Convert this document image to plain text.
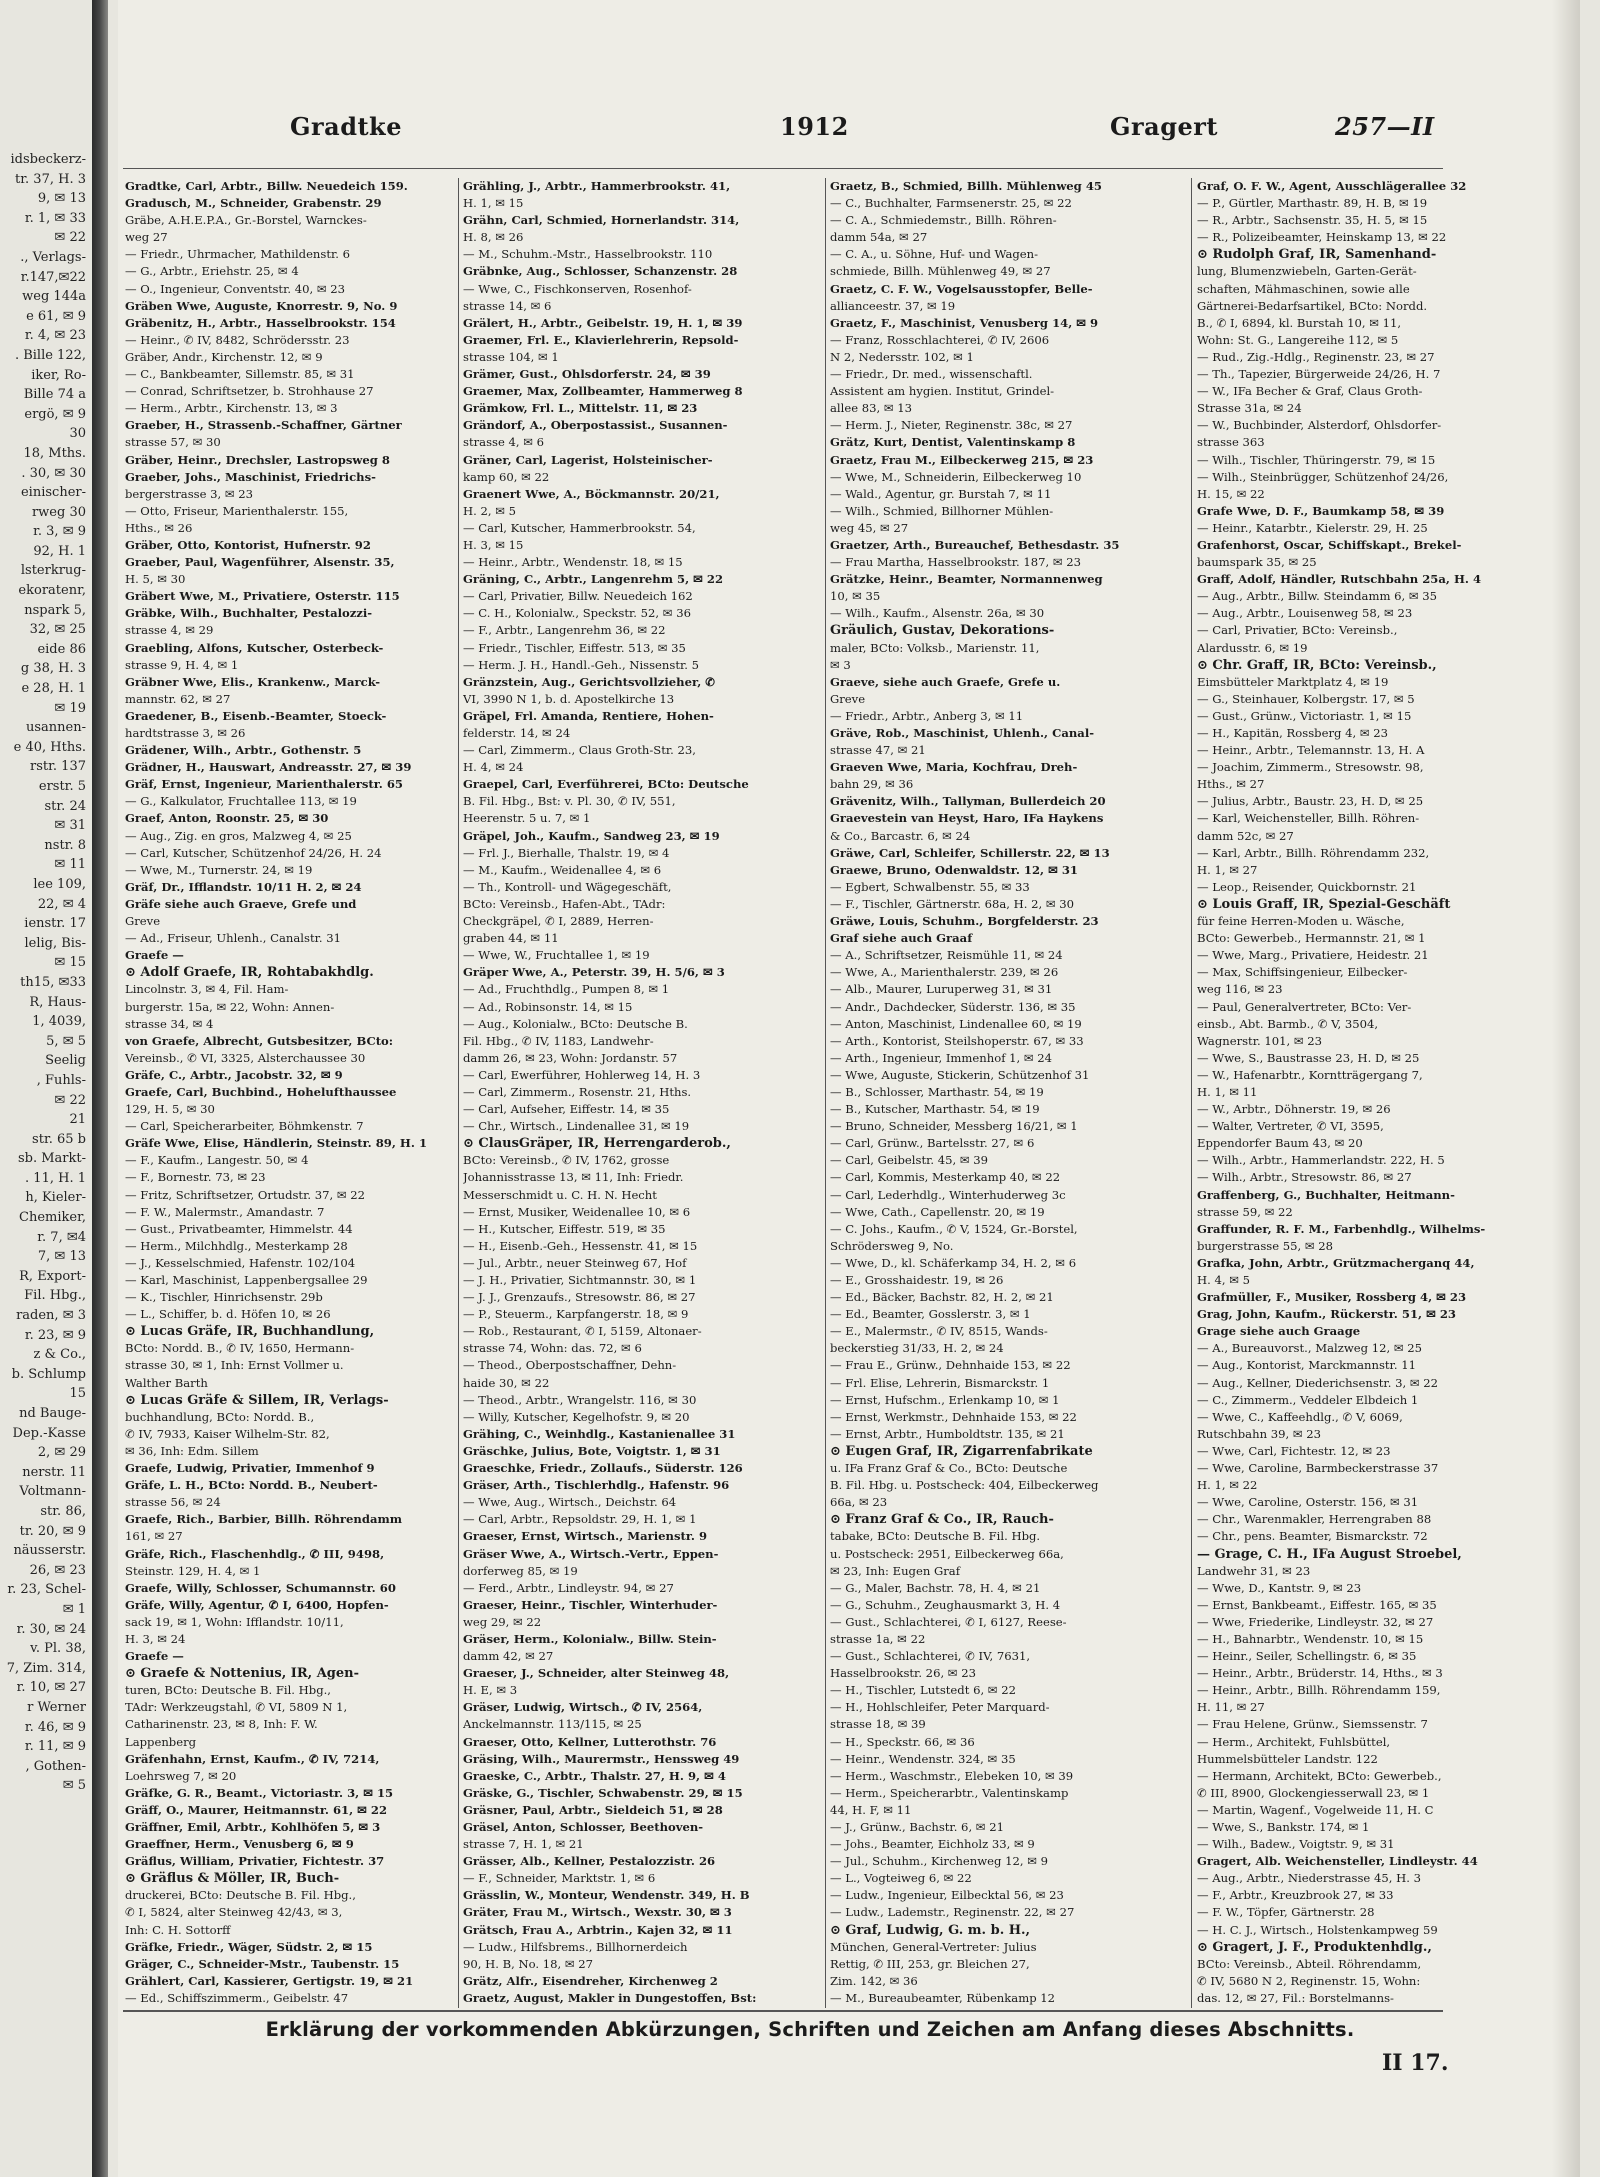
idsbeckerz-
tr. 37, H. 3
9, ✉ 13
r. 1, ✉ 33
✉ 22
., Verlags-
r.147,✉22
weg 144a
e 61, ✉ 9
r. 4, ✉ 23
. Bille 122,
iker, Ro-
Bille 74 a
ergö, ✉ 9
30
18, Mths.
. 30, ✉ 30
einischer-
rweg 30
r. 3, ✉ 9
92, H. 1
lsterkrug-
ekoratenr,
nspark 5,
32, ✉ 25
eide 86
g 38, H. 3
e 28, H. 1
✉ 19
usannen-
e 40, Hths.
rstr. 137
erstr. 5
str. 24
✉ 31
nstr. 8
✉ 11
lee 109,
22, ✉ 4
ienstr. 17
lelig, Bis-
✉ 15
th15, ✉33
R, Haus-
1, 4039,
5, ✉ 5
Seelig
, Fuhls-
✉ 22
21
str. 65 b
sb. Markt-
. 11, H. 1
h, Kieler-
Chemiker,
r. 7, ✉4
7, ✉ 13
R, Export-
Fil. Hbg.,
raden, ✉ 3
r. 23, ✉ 9
z & Co.,
b. Schlump
15
nd Bauge-
Dep.-Kasse
2, ✉ 29
nerstr. 11
Voltmann-
str. 86,
tr. 20, ✉ 9
näusserstr.
26, ✉ 23
r. 23, Schel-
✉ 1
r. 30, ✉ 24
v. Pl. 38,
7, Zim. 314,
r. 10, ✉ 27
r Werner
r. 46, ✉ 9
r. 11, ✉ 9
, Gothen-
✉ 5
Gradtke	1912	Gragert	257—II
Gradtke, Carl, Arbtr., Billw. Neuedeich 159.
Gradusch, M., Schneider, Grabenstr. 29
Gräbe, A.H.E.P.A., Gr.-Borstel, Warnckes-
weg 27
— Friedr., Uhrmacher, Mathildenstr. 6
— G., Arbtr., Eriehstr. 25, ✉ 4
— O., Ingenieur, Conventstr. 40, ✉ 23
Gräben Wwe, Auguste, Knorrestr. 9, No. 9
Gräbenitz, H., Arbtr., Hasselbrookstr. 154
— Heinr., ✆ IV, 8482, Schrödersstr. 23
Gräber, Andr., Kirchenstr. 12, ✉ 9
— C., Bankbeamter, Sillemstr. 85, ✉ 31
— Conrad, Schriftsetzer, b. Strohhause 27
— Herm., Arbtr., Kirchenstr. 13, ✉ 3
Graeber, H., Strassenb.-Schaffner, Gärtner
strasse 57, ✉ 30
Gräber, Heinr., Drechsler, Lastropsweg 8
Graeber, Johs., Maschinist, Friedrichs-
bergerstrasse 3, ✉ 23
— Otto, Friseur, Marienthalerstr. 155,
Hths., ✉ 26
Gräber, Otto, Kontorist, Hufnerstr. 92
Graeber, Paul, Wagenführer, Alsenstr. 35,
H. 5, ✉ 30
Gräbert Wwe, M., Privatiere, Osterstr. 115
Gräbke, Wilh., Buchhalter, Pestalozzi-
strasse 4, ✉ 29
Graebling, Alfons, Kutscher, Osterbeck-
strasse 9, H. 4, ✉ 1
Gräbner Wwe, Elis., Krankenw., Marck-
mannstr. 62, ✉ 27
Graedener, B., Eisenb.-Beamter, Stoeck-
hardtstrasse 3, ✉ 26
Grädener, Wilh., Arbtr., Gothenstr. 5
Grädner, H., Hauswart, Andreasstr. 27, ✉ 39
Gräf, Ernst, Ingenieur, Marienthalerstr. 65
— G., Kalkulator, Fruchtallee 113, ✉ 19
Graef, Anton, Roonstr. 25, ✉ 30
— Aug., Zig. en gros, Malzweg 4, ✉ 25
— Carl, Kutscher, Schützenhof 24/26, H. 24
— Wwe, M., Turnerstr. 24, ✉ 19
Gräf, Dr., Ifflandstr. 10/11 H. 2, ✉ 24
Gräfe siehe auch Graeve, Grefe und
Greve
— Ad., Friseur, Uhlenh., Canalstr. 31
Graefe —
⊙ Adolf Graefe, IR, Rohtabakhdlg.
Lincolnstr. 3, ✉ 4, Fil. Ham-
burgerstr. 15a, ✉ 22, Wohn: Annen-
strasse 34, ✉ 4
von Graefe, Albrecht, Gutsbesitzer, BCto:
Vereinsb., ✆ VI, 3325, Alsterchaussee 30
Gräfe, C., Arbtr., Jacobstr. 32, ✉ 9
Graefe, Carl, Buchbind., Hohelufthaussee
129, H. 5, ✉ 30
— Carl, Speicherarbeiter, Böhmkenstr. 7
Gräfe Wwe, Elise, Händlerin, Steinstr. 89, H. 1
— F., Kaufm., Langestr. 50, ✉ 4
— F., Bornestr. 73, ✉ 23
— Fritz, Schriftsetzer, Ortudstr. 37, ✉ 22
— F. W., Malermstr., Amandastr. 7
— Gust., Privatbeamter, Himmelstr. 44
— Herm., Milchhdlg., Mesterkamp 28
— J., Kesselschmied, Hafenstr. 102/104
— Karl, Maschinist, Lappenbergsallee 29
— K., Tischler, Hinrichsenstr. 29b
— L., Schiffer, b. d. Höfen 10, ✉ 26
⊙ Lucas Gräfe, IR, Buchhandlung,
BCto: Nordd. B., ✆ IV, 1650, Hermann-
strasse 30, ✉ 1, Inh: Ernst Vollmer u.
Walther Barth
⊙ Lucas Gräfe & Sillem, IR, Verlags-
buchhandlung, BCto: Nordd. B.,
✆ IV, 7933, Kaiser Wilhelm-Str. 82,
✉ 36, Inh: Edm. Sillem
Graefe, Ludwig, Privatier, Immenhof 9
Gräfe, L. H., BCto: Nordd. B., Neubert-
strasse 56, ✉ 24
Graefe, Rich., Barbier, Billh. Röhrendamm
161, ✉ 27
Gräfe, Rich., Flaschenhdlg., ✆ III, 9498,
Steinstr. 129, H. 4, ✉ 1
Graefe, Willy, Schlosser, Schumannstr. 60
Gräfe, Willy, Agentur, ✆ I, 6400, Hopfen-
sack 19, ✉ 1, Wohn: Ifflandstr. 10/11,
H. 3, ✉ 24
Graefe —
⊙ Graefe & Nottenius, IR, Agen-
turen, BCto: Deutsche B. Fil. Hbg.,
TAdr: Werkzeugstahl, ✆ VI, 5809 N 1,
Catharinenstr. 23, ✉ 8, Inh: F. W.
Lappenberg
Gräfenhahn, Ernst, Kaufm., ✆ IV, 7214,
Loehrsweg 7, ✉ 20
Gräfke, G. R., Beamt., Victoriastr. 3, ✉ 15
Gräff, O., Maurer, Heitmannstr. 61, ✉ 22
Gräffner, Emil, Arbtr., Kohlhöfen 5, ✉ 3
Graeffner, Herm., Venusberg 6, ✉ 9
Gräflus, William, Privatier, Fichtestr. 37
⊙ Gräflus & Möller, IR, Buch-
druckerei, BCto: Deutsche B. Fil. Hbg.,
✆ I, 5824, alter Steinweg 42/43, ✉ 3,
Inh: C. H. Sottorff
Gräfke, Friedr., Wäger, Südstr. 2, ✉ 15
Gräger, C., Schneider-Mstr., Taubenstr. 15
Grählert, Carl, Kassierer, Gertigstr. 19, ✉ 21
— Ed., Schiffszimmerm., Geibelstr. 47
Grähling, J., Arbtr., Hammerbrookstr. 41,
H. 1, ✉ 15
Grähn, Carl, Schmied, Hornerlandstr. 314,
H. 8, ✉ 26
— M., Schuhm.-Mstr., Hasselbrookstr. 110
Gräbnke, Aug., Schlosser, Schanzenstr. 28
— Wwe, C., Fischkonserven, Rosenhof-
strasse 14, ✉ 6
Grälert, H., Arbtr., Geibelstr. 19, H. 1, ✉ 39
Graemer, Frl. E., Klavierlehrerin, Repsold-
strasse 104, ✉ 1
Grämer, Gust., Ohlsdorferstr. 24, ✉ 39
Graemer, Max, Zollbeamter, Hammerweg 8
Grämkow, Frl. L., Mittelstr. 11, ✉ 23
Grändorf, A., Oberpostassist., Susannen-
strasse 4, ✉ 6
Gräner, Carl, Lagerist, Holsteinischer-
kamp 60, ✉ 22
Graenert Wwe, A., Böckmannstr. 20/21,
H. 2, ✉ 5
— Carl, Kutscher, Hammerbrookstr. 54,
H. 3, ✉ 15
— Heinr., Arbtr., Wendenstr. 18, ✉ 15
Gräning, C., Arbtr., Langenrehm 5, ✉ 22
— Carl, Privatier, Billw. Neuedeich 162
— C. H., Kolonialw., Speckstr. 52, ✉ 36
— F., Arbtr., Langenrehm 36, ✉ 22
— Friedr., Tischler, Eiffestr. 513, ✉ 35
— Herm. J. H., Handl.-Geh., Nissenstr. 5
Gränzstein, Aug., Gerichtsvollzieher, ✆
VI, 3990 N 1, b. d. Apostelkirche 13
Gräpel, Frl. Amanda, Rentiere, Hohen-
felderstr. 14, ✉ 24
— Carl, Zimmerm., Claus Groth-Str. 23,
H. 4, ✉ 24
Graepel, Carl, Everführerei, BCto: Deutsche
B. Fil. Hbg., Bst: v. Pl. 30, ✆ IV, 551,
Heerenstr. 5 u. 7, ✉ 1
Gräpel, Joh., Kaufm., Sandweg 23, ✉ 19
— Frl. J., Bierhalle, Thalstr. 19, ✉ 4
— M., Kaufm., Weidenallee 4, ✉ 6
— Th., Kontroll- und Wägegeschäft,
BCto: Vereinsb., Hafen-Abt., TAdr:
Checkgräpel, ✆ I, 2889, Herren-
graben 44, ✉ 11
— Wwe, W., Fruchtallee 1, ✉ 19
Gräper Wwe, A., Peterstr. 39, H. 5/6, ✉ 3
— Ad., Fruchthdlg., Pumpen 8, ✉ 1
— Ad., Robinsonstr. 14, ✉ 15
— Aug., Kolonialw., BCto: Deutsche B.
Fil. Hbg., ✆ IV, 1183, Landwehr-
damm 26, ✉ 23, Wohn: Jordanstr. 57
— Carl, Ewerführer, Hohlerweg 14, H. 3
— Carl, Zimmerm., Rosenstr. 21, Hths.
— Carl, Aufseher, Eiffestr. 14, ✉ 35
— Chr., Wirtsch., Lindenallee 31, ✉ 19
⊙ ClausGräper, IR, Herrengarderob.,
BCto: Vereinsb., ✆ IV, 1762, grosse
Johannisstrasse 13, ✉ 11, Inh: Friedr.
Messerschmidt u. C. H. N. Hecht
— Ernst, Musiker, Weidenallee 10, ✉ 6
— H., Kutscher, Eiffestr. 519, ✉ 35
— H., Eisenb.-Geh., Hessenstr. 41, ✉ 15
— Jul., Arbtr., neuer Steinweg 67, Hof
— J. H., Privatier, Sichtmannstr. 30, ✉ 1
— J. J., Grenzaufs., Stresowstr. 86, ✉ 27
— P., Steuerm., Karpfangerstr. 18, ✉ 9
— Rob., Restaurant, ✆ I, 5159, Altonaer-
strasse 74, Wohn: das. 72, ✉ 6
— Theod., Oberpostschaffner, Dehn-
haide 30, ✉ 22
— Theod., Arbtr., Wrangelstr. 116, ✉ 30
— Willy, Kutscher, Kegelhofstr. 9, ✉ 20
Grähing, C., Weinhdlg., Kastanienallee 31
Gräschke, Julius, Bote, Voigtstr. 1, ✉ 31
Graeschke, Friedr., Zollaufs., Süderstr. 126
Gräser, Arth., Tischlerhdlg., Hafenstr. 96
— Wwe, Aug., Wirtsch., Deichstr. 64
— Carl, Arbtr., Repsoldstr. 29, H. 1, ✉ 1
Graeser, Ernst, Wirtsch., Marienstr. 9
Gräser Wwe, A., Wirtsch.-Vertr., Eppen-
dorferweg 85, ✉ 19
— Ferd., Arbtr., Lindleystr. 94, ✉ 27
Graeser, Heinr., Tischler, Winterhuder-
weg 29, ✉ 22
Gräser, Herm., Kolonialw., Billw. Stein-
damm 42, ✉ 27
Graeser, J., Schneider, alter Steinweg 48,
H. E, ✉ 3
Gräser, Ludwig, Wirtsch., ✆ IV, 2564,
Anckelmannstr. 113/115, ✉ 25
Graeser, Otto, Kellner, Lutterothstr. 76
Gräsing, Wilh., Maurermstr., Henssweg 49
Graeske, C., Arbtr., Thalstr. 27, H. 9, ✉ 4
Gräske, G., Tischler, Schwabenstr. 29, ✉ 15
Gräsner, Paul, Arbtr., Sieldeich 51, ✉ 28
Gräsel, Anton, Schlosser, Beethoven-
strasse 7, H. 1, ✉ 21
Grässer, Alb., Kellner, Pestalozzistr. 26
— F., Schneider, Marktstr. 1, ✉ 6
Grässlin, W., Monteur, Wendenstr. 349, H. B
Gräter, Frau M., Wirtsch., Wexstr. 30, ✉ 3
Grätsch, Frau A., Arbtrin., Kajen 32, ✉ 11
— Ludw., Hilfsbrems., Billhornerdeich
90, H. B, No. 18, ✉ 27
Grätz, Alfr., Eisendreher, Kirchenweg 2
Graetz, August, Makler in Dungestoffen, Bst:
Graetz, B., Schmied, Billh. Mühlenweg 45
— C., Buchhalter, Farmsenerstr. 25, ✉ 22
— C. A., Schmiedemstr., Billh. Röhren-
damm 54a, ✉ 27
— C. A., u. Söhne, Huf- und Wagen-
schmiede, Billh. Mühlenweg 49, ✉ 27
Graetz, C. F. W., Vogelsausstopfer, Belle-
allianceestr. 37, ✉ 19
Graetz, F., Maschinist, Venusberg 14, ✉ 9
— Franz, Rosschlachterei, ✆ IV, 2606
N 2, Nedersstr. 102, ✉ 1
— Friedr., Dr. med., wissenschaftl.
Assistent am hygien. Institut, Grindel-
allee 83, ✉ 13
— Herm. J., Nieter, Reginenstr. 38c, ✉ 27
Grätz, Kurt, Dentist, Valentinskamp 8
Graetz, Frau M., Eilbeckerweg 215, ✉ 23
— Wwe, M., Schneiderin, Eilbeckerweg 10
— Wald., Agentur, gr. Burstah 7, ✉ 11
— Wilh., Schmied, Billhorner Mühlen-
weg 45, ✉ 27
Graetzer, Arth., Bureauchef, Bethesdastr. 35
— Frau Martha, Hasselbrookstr. 187, ✉ 23
Grätzke, Heinr., Beamter, Normannenweg
10, ✉ 35
— Wilh., Kaufm., Alsenstr. 26a, ✉ 30
Gräulich, Gustav, Dekorations-
maler, BCto: Volksb., Marienstr. 11,
✉ 3
Graeve, siehe auch Graefe, Grefe u.
Greve
— Friedr., Arbtr., Anberg 3, ✉ 11
Gräve, Rob., Maschinist, Uhlenh., Canal-
strasse 47, ✉ 21
Graeven Wwe, Maria, Kochfrau, Dreh-
bahn 29, ✉ 36
Grävenitz, Wilh., Tallyman, Bullerdeich 20
Graevestein van Heyst, Haro, IFa Haykens
& Co., Barcastr. 6, ✉ 24
Gräwe, Carl, Schleifer, Schillerstr. 22, ✉ 13
Graewe, Bruno, Odenwaldstr. 12, ✉ 31
— Egbert, Schwalbenstr. 55, ✉ 33
— F., Tischler, Gärtnerstr. 68a, H. 2, ✉ 30
Gräwe, Louis, Schuhm., Borgfelderstr. 23
Graf siehe auch Graaf
— A., Schriftsetzer, Reismühle 11, ✉ 24
— Wwe, A., Marienthalerstr. 239, ✉ 26
— Alb., Maurer, Luruperweg 31, ✉ 31
— Andr., Dachdecker, Süderstr. 136, ✉ 35
— Anton, Maschinist, Lindenallee 60, ✉ 19
— Arth., Kontorist, Steilshoperstr. 67, ✉ 33
— Arth., Ingenieur, Immenhof 1, ✉ 24
— Wwe, Auguste, Stickerin, Schützenhof 31
— B., Schlosser, Marthastr. 54, ✉ 19
— B., Kutscher, Marthastr. 54, ✉ 19
— Bruno, Schneider, Messberg 16/21, ✉ 1
— Carl, Grünw., Bartelsstr. 27, ✉ 6
— Carl, Geibelstr. 45, ✉ 39
— Carl, Kommis, Mesterkamp 40, ✉ 22
— Carl, Lederhdlg., Winterhuderweg 3c
— Wwe, Cath., Capellenstr. 20, ✉ 19
— C. Johs., Kaufm., ✆ V, 1524, Gr.-Borstel,
Schrödersweg 9, No.
— Wwe, D., kl. Schäferkamp 34, H. 2, ✉ 6
— E., Grosshaidestr. 19, ✉ 26
— Ed., Bäcker, Bachstr. 82, H. 2, ✉ 21
— Ed., Beamter, Gosslerstr. 3, ✉ 1
— E., Malermstr., ✆ IV, 8515, Wands-
beckerstieg 31/33, H. 2, ✉ 24
— Frau E., Grünw., Dehnhaide 153, ✉ 22
— Frl. Elise, Lehrerin, Bismarckstr. 1
— Ernst, Hufschm., Erlenkamp 10, ✉ 1
— Ernst, Werkmstr., Dehnhaide 153, ✉ 22
— Ernst, Arbtr., Humboldtstr. 135, ✉ 21
⊙ Eugen Graf, IR, Zigarrenfabrikate
u. IFa Franz Graf & Co., BCto: Deutsche
B. Fil. Hbg. u. Postscheck: 404, Eilbeckerweg
66a, ✉ 23
⊙ Franz Graf & Co., IR, Rauch-
tabake, BCto: Deutsche B. Fil. Hbg.
u. Postscheck: 2951, Eilbeckerweg 66a,
✉ 23, Inh: Eugen Graf
— G., Maler, Bachstr. 78, H. 4, ✉ 21
— G., Schuhm., Zeughausmarkt 3, H. 4
— Gust., Schlachterei, ✆ I, 6127, Reese-
strasse 1a, ✉ 22
— Gust., Schlachterei, ✆ IV, 7631,
Hasselbrookstr. 26, ✉ 23
— H., Tischler, Lutstedt 6, ✉ 22
— H., Hohlschleifer, Peter Marquard-
strasse 18, ✉ 39
— H., Speckstr. 66, ✉ 36
— Heinr., Wendenstr. 324, ✉ 35
— Herm., Waschmstr., Elebeken 10, ✉ 39
— Herm., Speicherarbtr., Valentinskamp
44, H. F, ✉ 11
— J., Grünw., Bachstr. 6, ✉ 21
— Johs., Beamter, Eichholz 33, ✉ 9
— Jul., Schuhm., Kirchenweg 12, ✉ 9
— L., Vogteiweg 6, ✉ 22
— Ludw., Ingenieur, Eilbecktal 56, ✉ 23
— Ludw., Lademstr., Reginenstr. 22, ✉ 27
⊙ Graf, Ludwig, G. m. b. H.,
München, General-Vertreter: Julius
Rettig, ✆ III, 253, gr. Bleichen 27,
Zim. 142, ✉ 36
— M., Bureaubeamter, Rübenkamp 12
Graf, O. F. W., Agent, Ausschlägerallee 32
— P., Gürtler, Marthastr. 89, H. B, ✉ 19
— R., Arbtr., Sachsenstr. 35, H. 5, ✉ 15
— R., Polizeibeamter, Heinskamp 13, ✉ 22
⊙ Rudolph Graf, IR, Samenhand-
lung, Blumenzwiebeln, Garten-Gerät-
schaften, Mähmaschinen, sowie alle
Gärtnerei-Bedarfsartikel, BCto: Nordd.
B., ✆ I, 6894, kl. Burstah 10, ✉ 11,
Wohn: St. G., Langereihe 112, ✉ 5
— Rud., Zig.-Hdlg., Reginenstr. 23, ✉ 27
— Th., Tapezier, Bürgerweide 24/26, H. 7
— W., IFa Becher & Graf, Claus Groth-
Strasse 31a, ✉ 24
— W., Buchbinder, Alsterdorf, Ohlsdorfer-
strasse 363
— Wilh., Tischler, Thüringerstr. 79, ✉ 15
— Wilh., Steinbrügger, Schützenhof 24/26,
H. 15, ✉ 22
Grafe Wwe, D. F., Baumkamp 58, ✉ 39
— Heinr., Katarbtr., Kielerstr. 29, H. 25
Grafenhorst, Oscar, Schiffskapt., Brekel-
baumspark 35, ✉ 25
Graff, Adolf, Händler, Rutschbahn 25a, H. 4
— Aug., Arbtr., Billw. Steindamm 6, ✉ 35
— Aug., Arbtr., Louisenweg 58, ✉ 23
— Carl, Privatier, BCto: Vereinsb.,
Alardusstr. 6, ✉ 19
⊙ Chr. Graff, IR, BCto: Vereinsb.,
Eimsbütteler Marktplatz 4, ✉ 19
— G., Steinhauer, Kolbergstr. 17, ✉ 5
— Gust., Grünw., Victoriastr. 1, ✉ 15
— H., Kapitän, Rossberg 4, ✉ 23
— Heinr., Arbtr., Telemannstr. 13, H. A
— Joachim, Zimmerm., Stresowstr. 98,
Hths., ✉ 27
— Julius, Arbtr., Baustr. 23, H. D, ✉ 25
— Karl, Weichensteller, Billh. Röhren-
damm 52c, ✉ 27
— Karl, Arbtr., Billh. Röhrendamm 232,
H. 1, ✉ 27
— Leop., Reisender, Quickbornstr. 21
⊙ Louis Graff, IR, Spezial-Geschäft
für feine Herren-Moden u. Wäsche,
BCto: Gewerbeb., Hermannstr. 21, ✉ 1
— Wwe, Marg., Privatiere, Heidestr. 21
— Max, Schiffsingenieur, Eilbecker-
weg 116, ✉ 23
— Paul, Generalvertreter, BCto: Ver-
einsb., Abt. Barmb., ✆ V, 3504,
Wagnerstr. 101, ✉ 23
— Wwe, S., Baustrasse 23, H. D, ✉ 25
— W., Hafenarbtr., Korntträgergang 7,
H. 1, ✉ 11
— W., Arbtr., Döhnerstr. 19, ✉ 26
— Walter, Vertreter, ✆ VI, 3595,
Eppendorfer Baum 43, ✉ 20
— Wilh., Arbtr., Hammerlandstr. 222, H. 5
— Wilh., Arbtr., Stresowstr. 86, ✉ 27
Graffenberg, G., Buchhalter, Heitmann-
strasse 59, ✉ 22
Graffunder, R. F. M., Farbenhdlg., Wilhelms-
burgerstrasse 55, ✉ 28
Grafka, John, Arbtr., Grützmacherganq 44,
H. 4, ✉ 5
Grafmüller, F., Musiker, Rossberg 4, ✉ 23
Grag, John, Kaufm., Rückerstr. 51, ✉ 23
Grage siehe auch Graage
— A., Bureauvorst., Malzweg 12, ✉ 25
— Aug., Kontorist, Marckmannstr. 11
— Aug., Kellner, Diederichsenstr. 3, ✉ 22
— C., Zimmerm., Veddeler Elbdeich 1
— Wwe, C., Kaffeehdlg., ✆ V, 6069,
Rutschbahn 39, ✉ 23
— Wwe, Carl, Fichtestr. 12, ✉ 23
— Wwe, Caroline, Barmbeckerstrasse 37
H. 1, ✉ 22
— Wwe, Caroline, Osterstr. 156, ✉ 31
— Chr., Warenmakler, Herrengraben 88
— Chr., pens. Beamter, Bismarckstr. 72
— Grage, C. H., IFa August Stroebel,
Landwehr 31, ✉ 23
— Wwe, D., Kantstr. 9, ✉ 23
— Ernst, Bankbeamt., Eiffestr. 165, ✉ 35
— Wwe, Friederike, Lindleystr. 32, ✉ 27
— H., Bahnarbtr., Wendenstr. 10, ✉ 15
— Heinr., Seiler, Schellingstr. 6, ✉ 35
— Heinr., Arbtr., Brüderstr. 14, Hths., ✉ 3
— Heinr., Arbtr., Billh. Röhrendamm 159,
H. 11, ✉ 27
— Frau Helene, Grünw., Siemssenstr. 7
— Herm., Architekt, Fuhlsbüttel,
Hummelsbütteler Landstr. 122
— Hermann, Architekt, BCto: Gewerbeb.,
✆ III, 8900, Glockengiesserwall 23, ✉ 1
— Martin, Wagenf., Vogelweide 11, H. C
— Wwe, S., Bankstr. 174, ✉ 1
— Wilh., Badew., Voigtstr. 9, ✉ 31
Gragert, Alb. Weichensteller, Lindleystr. 44
— Aug., Arbtr., Niederstrasse 45, H. 3
— F., Arbtr., Kreuzbrook 27, ✉ 33
— F. W., Töpfer, Gärtnerstr. 28
— H. C. J., Wirtsch., Holstenkampweg 59
⊙ Gragert, J. F., Produktenhdlg.,
BCto: Vereinsb., Abteil. Röhrendamm,
✆ IV, 5680 N 2, Reginenstr. 15, Wohn:
das. 12, ✉ 27, Fil.: Borstelmanns-
Erklärung der vorkommenden Abkürzungen, Schriften und Zeichen am Anfang dieses Abschnitts.
II 17.
